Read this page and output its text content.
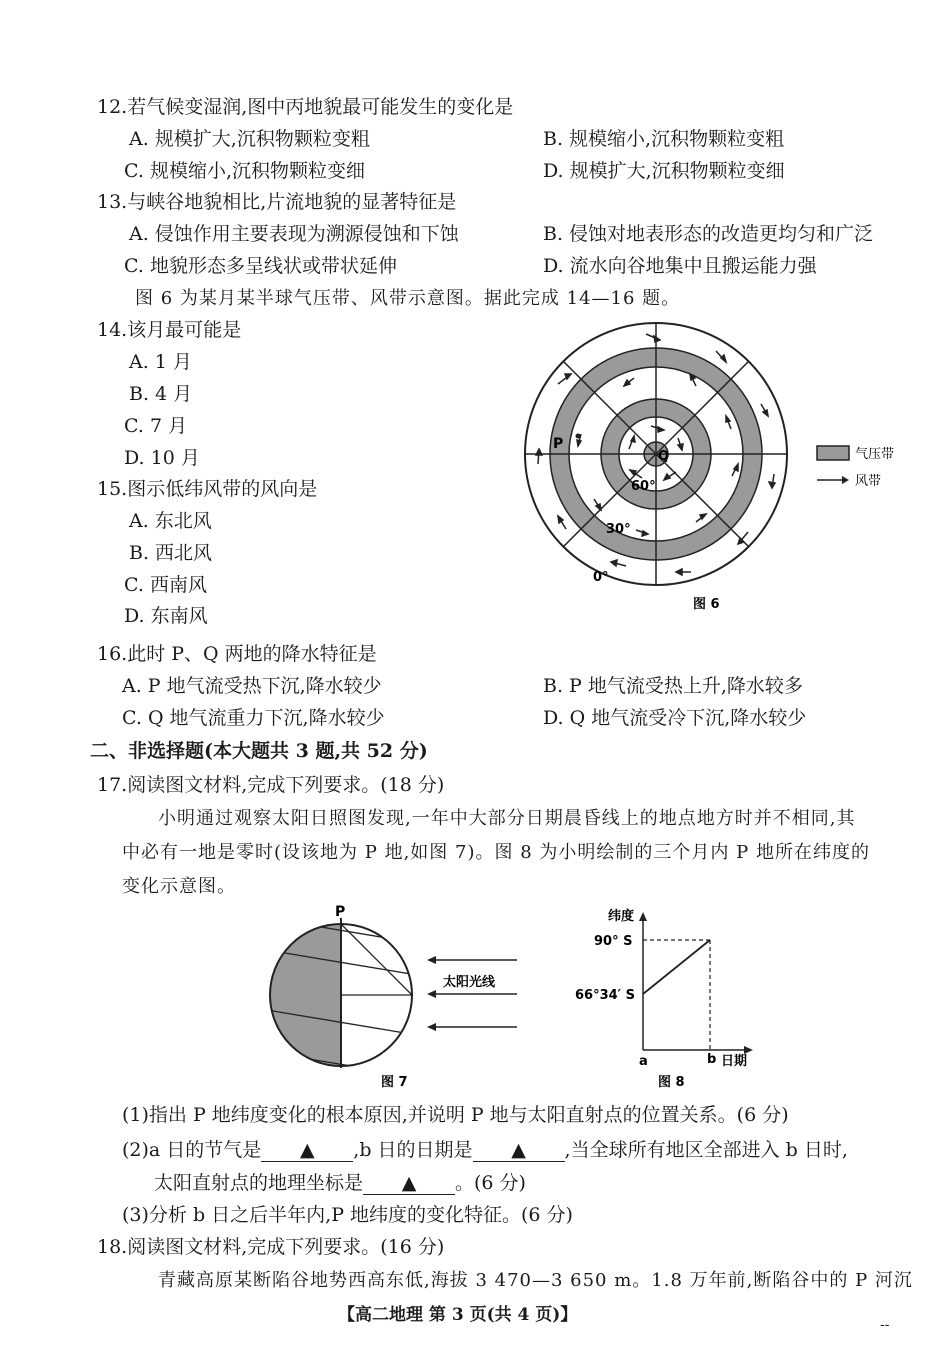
12.若气候变湿润,图中丙地貌最可能发生的变化是
A. 规模扩大,沉积物颗粒变粗	B. 规模缩小,沉积物颗粒变粗
C. 规模缩小,沉积物颗粒变细	D. 规模扩大,沉积物颗粒变细
13.与峡谷地貌相比,片流地貌的显著特征是
A. 侵蚀作用主要表现为溯源侵蚀和下蚀	B. 侵蚀对地表形态的改造更均匀和广泛
C. 地貌形态多呈线状或带状延伸	D. 流水向谷地集中且搬运能力强
图 6 为某月某半球气压带、风带示意图。据此完成 14—16 题。
14.该月最可能是
A. 1 月
B. 4 月
C. 7 月
D. 10 月
15.图示低纬风带的风向是
A. 东北风
B. 西北风
C. 西南风
D. 东南风
P
Q
60°
30°
0°
气压带
风带
图 6
16.此时 P、Q 两地的降水特征是
A. P 地气流受热下沉,降水较少	B. P 地气流受热上升,降水较多
C. Q 地气流重力下沉,降水较少	D. Q 地气流受冷下沉,降水较少
二、非选择题(本大题共 3 题,共 52 分)
17.阅读图文材料,完成下列要求。(18 分)
小明通过观察太阳日照图发现,一年中大部分日期晨昏线上的地点地方时并不相同,其
中必有一地是零时(设该地为 P 地,如图 7)。图 8 为小明绘制的三个月内 P 地所在纬度的
变化示意图。
P
太阳光线
图 7
纬度
90° S
66°34′ S
a	b 日期
图 8
(1)指出 P 地纬度变化的根本原因,并说明 P 地与太阳直射点的位置关系。(6 分)
(2)a 日的节气是 ▲ ,b 日的日期是 ▲ ,当全球所有地区全部进入 b 日时,
太阳直射点的地理坐标是 ▲ 。(6 分)
(3)分析 b 日之后半年内,P 地纬度的变化特征。(6 分)
18.阅读图文材料,完成下列要求。(16 分)
青藏高原某断陷谷地势西高东低,海拔 3 470—3 650 m。1.8 万年前,断陷谷中的 P 河沉
【高二地理 第 3 页(共 4 页)】
--
